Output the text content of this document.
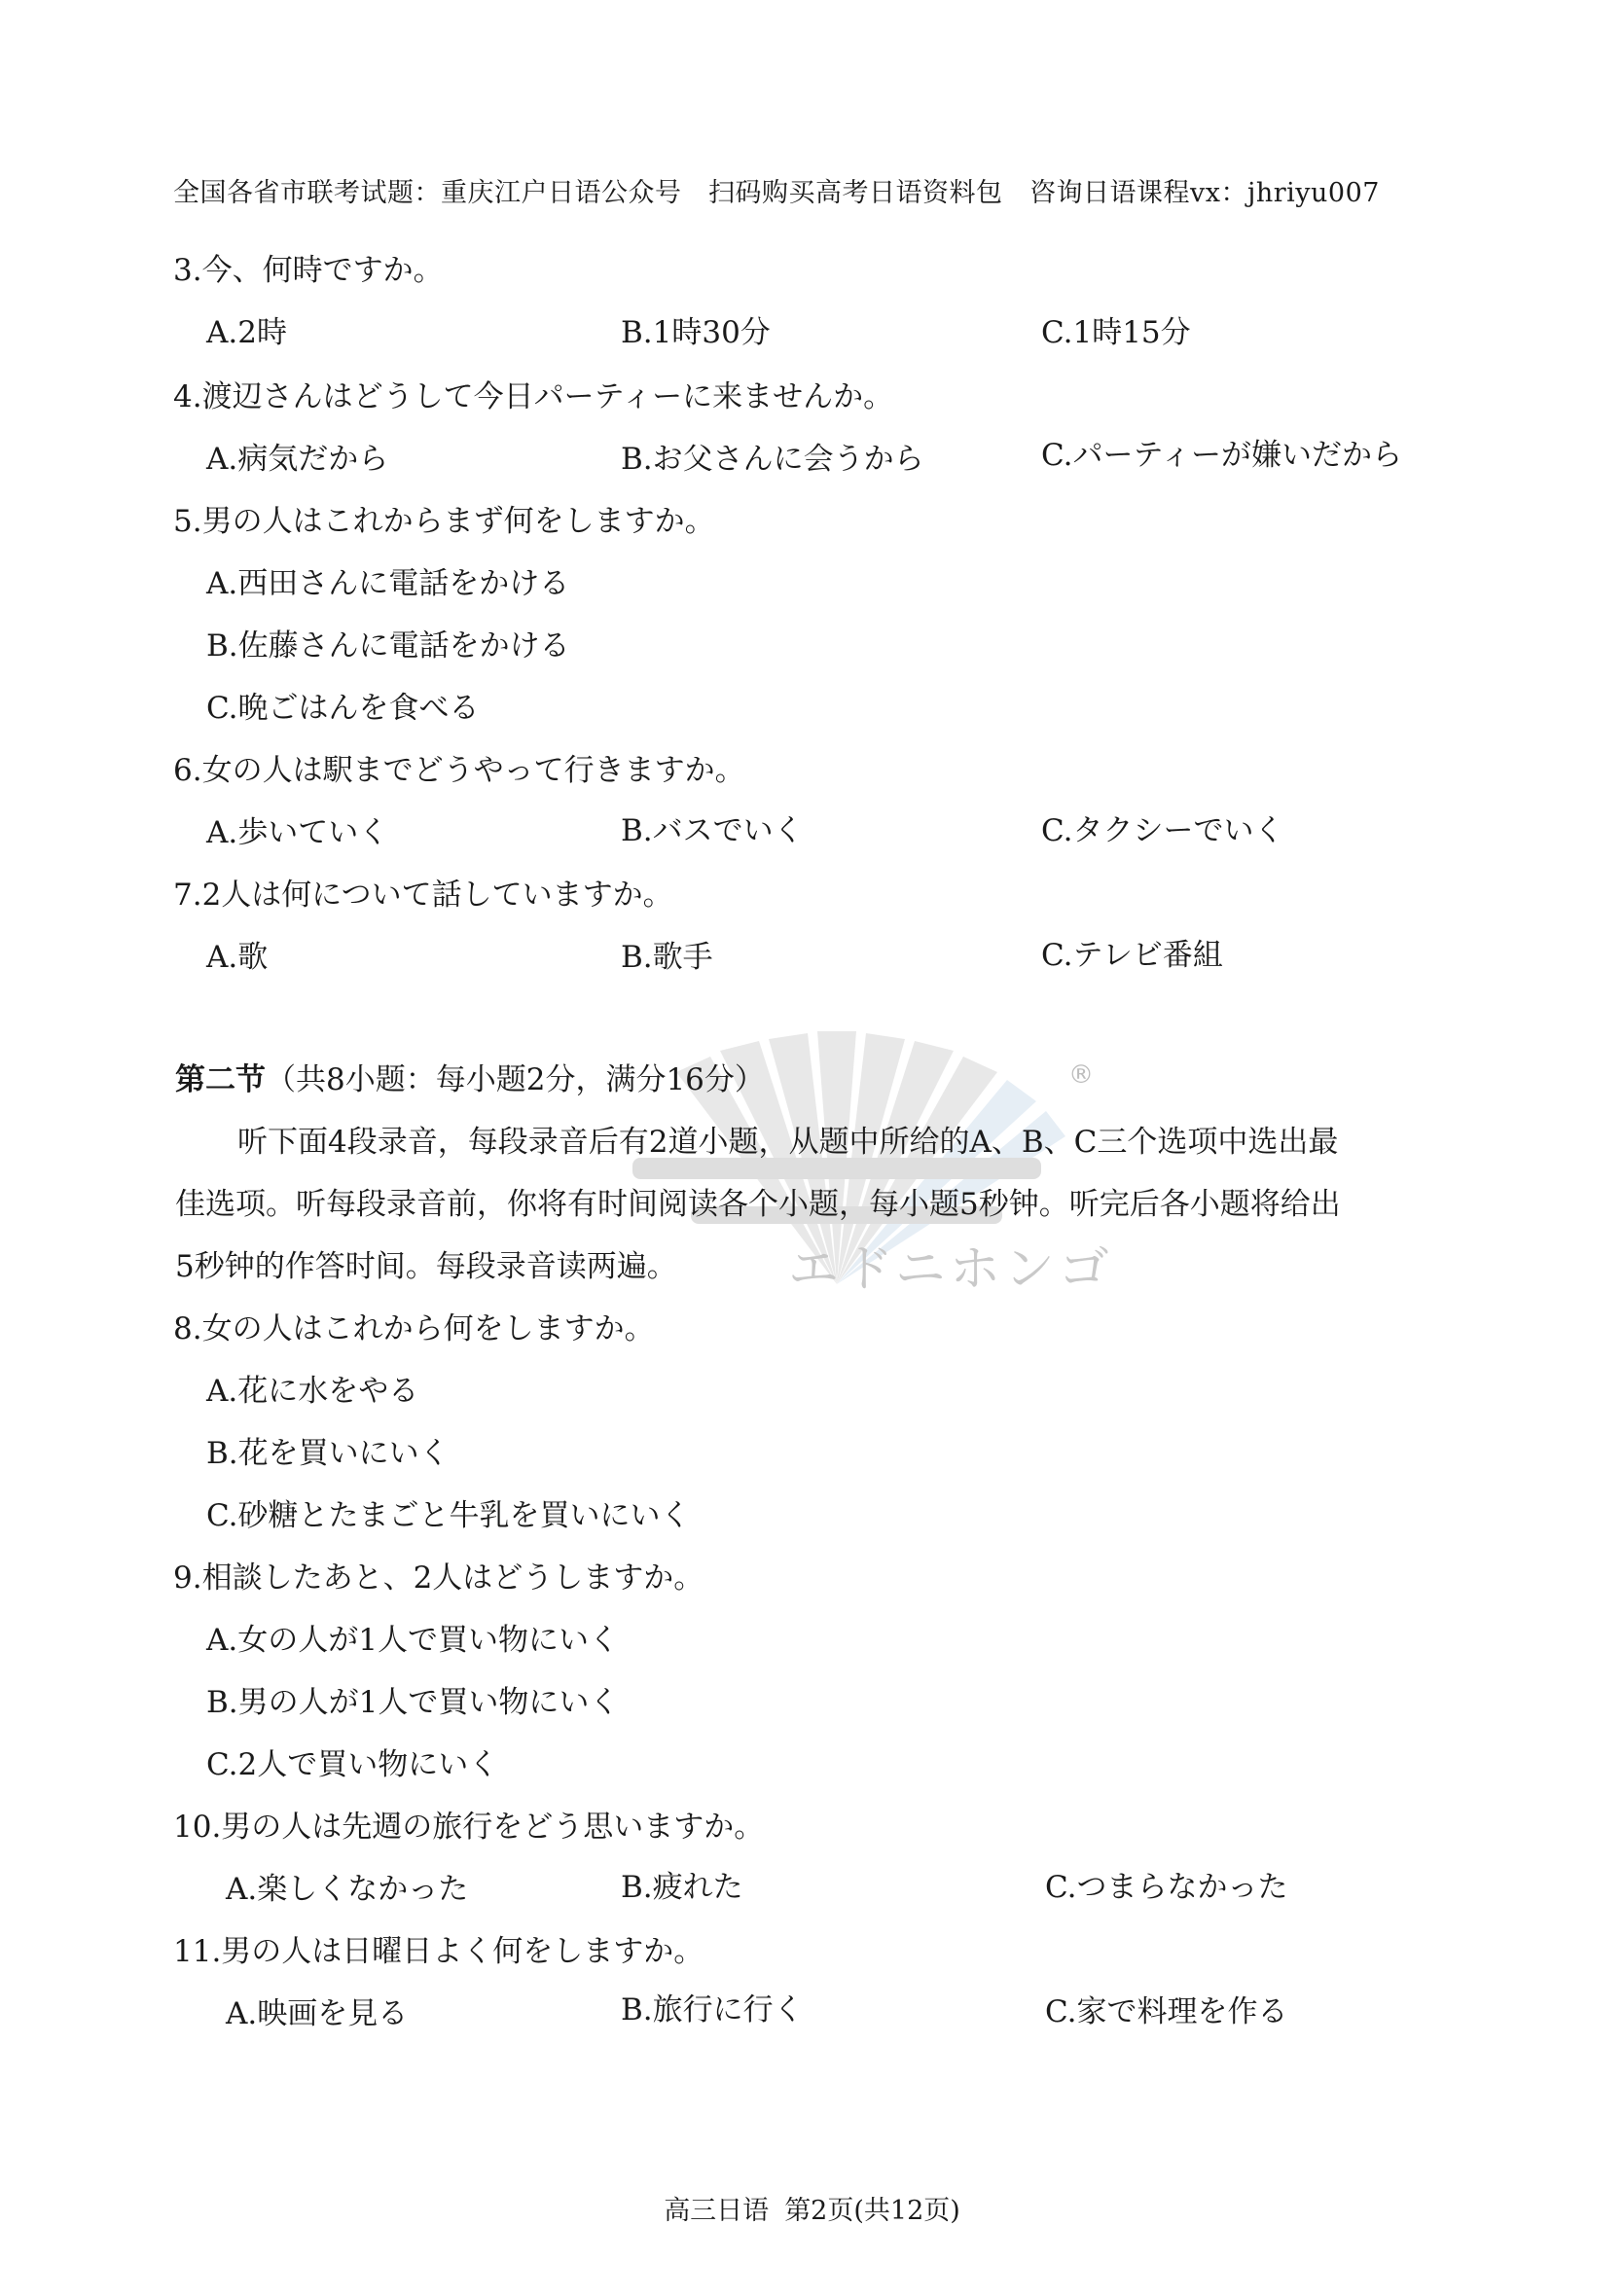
®
エドニホンゴ
全国各省市联考试题：重庆江户日语公众号　扫码购买高考日语资料包　咨询日语课程vx：jhriyu007
3.今、何時ですか。
A.2時	B.1時30分	C.1時15分
4.渡辺さんはどうして今日パーティーに来ませんか。
A.病気だから	B.お父さんに会うから	C.パーティーが嫌いだから
5.男の人はこれからまず何をしますか。
A.西田さんに電話をかける
B.佐藤さんに電話をかける
C.晩ごはんを食べる
6.女の人は駅までどうやって行きますか。
A.歩いていく	B.バスでいく	C.タクシーでいく
7.2人は何について話していますか。
A.歌	B.歌手	C.テレビ番組
第二节（共8小题：每小题2分，满分16分）
听下面4段录音，每段录音后有2道小题，从题中所给的A、B、C三个选项中选出最
佳选项。听每段录音前，你将有时间阅读各个小题，每小题5秒钟。听完后各小题将给出
5秒钟的作答时间。每段录音读两遍。
8.女の人はこれから何をしますか。
A.花に水をやる
B.花を買いにいく
C.砂糖とたまごと牛乳を買いにいく
9.相談したあと、2人はどうしますか。
A.女の人が1人で買い物にいく
B.男の人が1人で買い物にいく
C.2人で買い物にいく
10.男の人は先週の旅行をどう思いますか。
A.楽しくなかった	B.疲れた	C.つまらなかった
11.男の人は日曜日よく何をしますか。
A.映画を見る	B.旅行に行く	C.家で料理を作る
高三日语 第2页(共12页)
